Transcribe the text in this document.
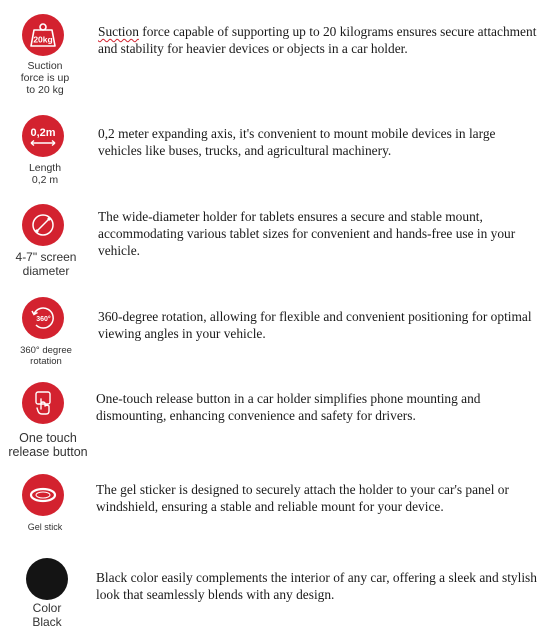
20kg
Suction
force is up
to 20 kg

Suction force capable of supporting up to 20 kilograms ensures secure attachment and stability for heavier devices or objects in a car holder.

0,2m
Length
0,2 m

0,2 meter expanding axis, it's convenient to mount mobile devices in large vehicles like buses, trucks, and agricultural machinery.

4-7" screen
diameter

The wide-diameter holder for tablets ensures a secure and stable mount, accommodating various tablet sizes for convenient and hands-free use in your vehicle.

360°
360° degree
rotation

360-degree rotation, allowing for flexible and convenient positioning for optimal viewing angles in your vehicle.

One touch
release button

One-touch release button in a car holder simplifies phone mounting and dismounting, enhancing convenience and safety for drivers.

Gel stick

The gel sticker is designed to securely attach the holder to your car's panel or windshield, ensuring a stable and reliable mount for your device.

Color
Black

Black color easily complements the interior of any car, offering a sleek and stylish look that seamlessly blends with any design.
